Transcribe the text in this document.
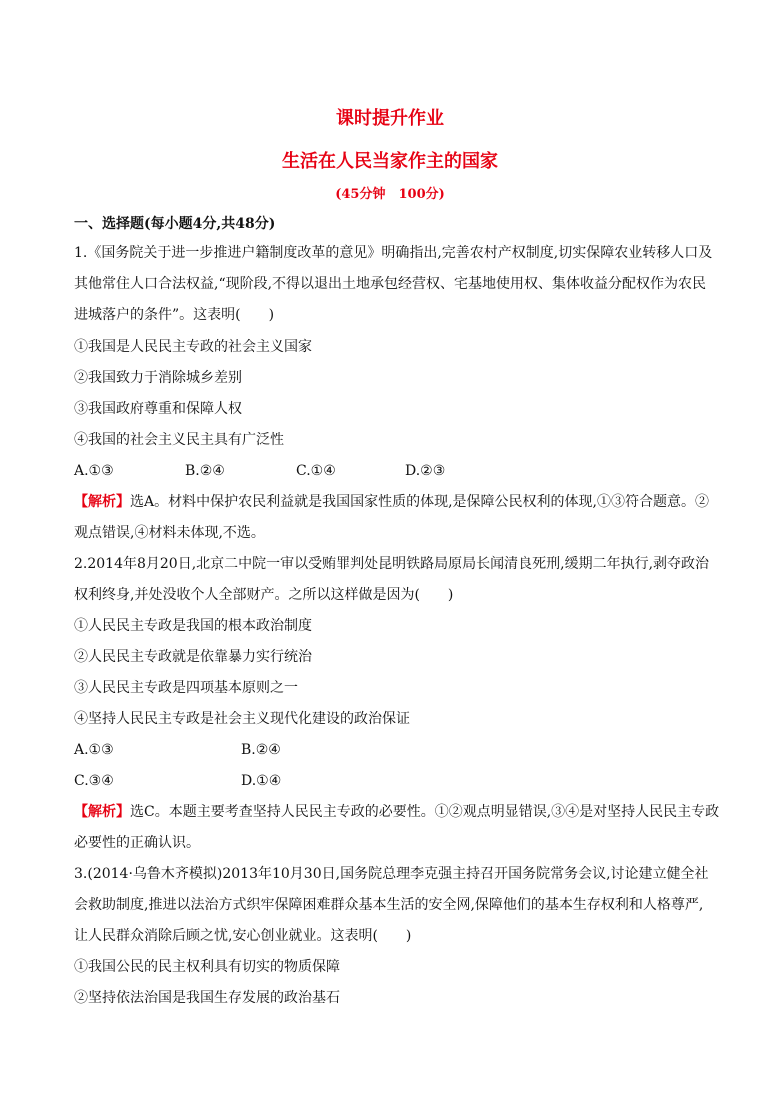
课时提升作业
生活在人民当家作主的国家
(45分钟　100分)
一、选择题(每小题4分,共48分)
1.《国务院关于进一步推进户籍制度改革的意见》明确指出,完善农村产权制度,切实保障农业转移人口及
其他常住人口合法权益,“现阶段,不得以退出土地承包经营权、宅基地使用权、集体收益分配权作为农民
进城落户的条件”。这表明(　　)
①我国是人民民主专政的社会主义国家
②我国致力于消除城乡差别
③我国政府尊重和保障人权
④我国的社会主义民主具有广泛性
A.①③	B.②④	C.①④	D.②③
【解析】选A。材料中保护农民利益就是我国国家性质的体现,是保障公民权利的体现,①③符合题意。②
观点错误,④材料未体现,不选。
2.2014年8月20日,北京二中院一审以受贿罪判处昆明铁路局原局长闻清良死刑,缓期二年执行,剥夺政治
权利终身,并处没收个人全部财产。之所以这样做是因为(　　)
①人民民主专政是我国的根本政治制度
②人民民主专政就是依靠暴力实行统治
③人民民主专政是四项基本原则之一
④坚持人民民主专政是社会主义现代化建设的政治保证
A.①③	B.②④
C.③④	D.①④
【解析】选C。本题主要考查坚持人民民主专政的必要性。①②观点明显错误,③④是对坚持人民民主专政
必要性的正确认识。
3.(2014·乌鲁木齐模拟)2013年10月30日,国务院总理李克强主持召开国务院常务会议,讨论建立健全社
会救助制度,推进以法治方式织牢保障困难群众基本生活的安全网,保障他们的基本生存权利和人格尊严,
让人民群众消除后顾之忧,安心创业就业。这表明(　　)
①我国公民的民主权利具有切实的物质保障
②坚持依法治国是我国生存发展的政治基石
